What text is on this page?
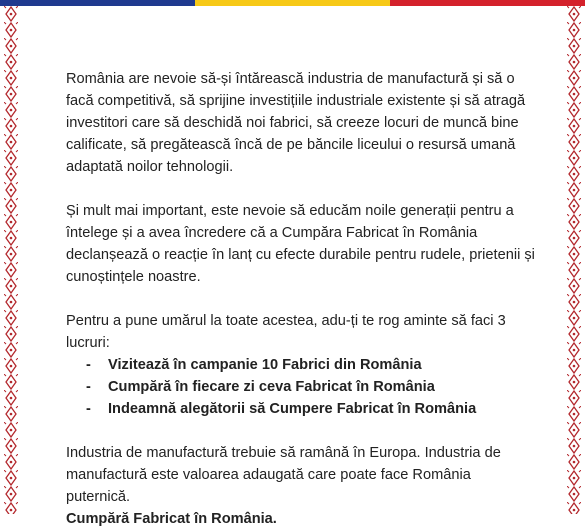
România are nevoie să-și întărească industria de manufactură și să o facă competitivă, să sprijine investițiile industriale existente și să atragă investitori care să deschidă noi fabrici, să creeze locuri de muncă bine calificate, să pregătească încă de pe băncile liceului o resursă umană adaptată noilor tehnologii.

Și mult mai important, este nevoie să educăm noile generații pentru a întelege și a avea încredere că a Cumpăra Fabricat în România declanșează o reacție în lanț cu efecte durabile pentru rudele, prietenii și cunoștințele noastre.

Pentru a pune umărul la toate acestea, adu-ți te rog aminte să faci 3 lucruri:

- Vizitează în campanie 10 Fabrici din România
- Cumpără în fiecare zi ceva Fabricat în România
- Indeamnă alegătorii să Cumpere Fabricat în România

Industria de manufactură trebuie să ramână în Europa. Industria de manufactură este valoarea adaugată care poate face România puternică.
Cumpără Fabricat în România.
